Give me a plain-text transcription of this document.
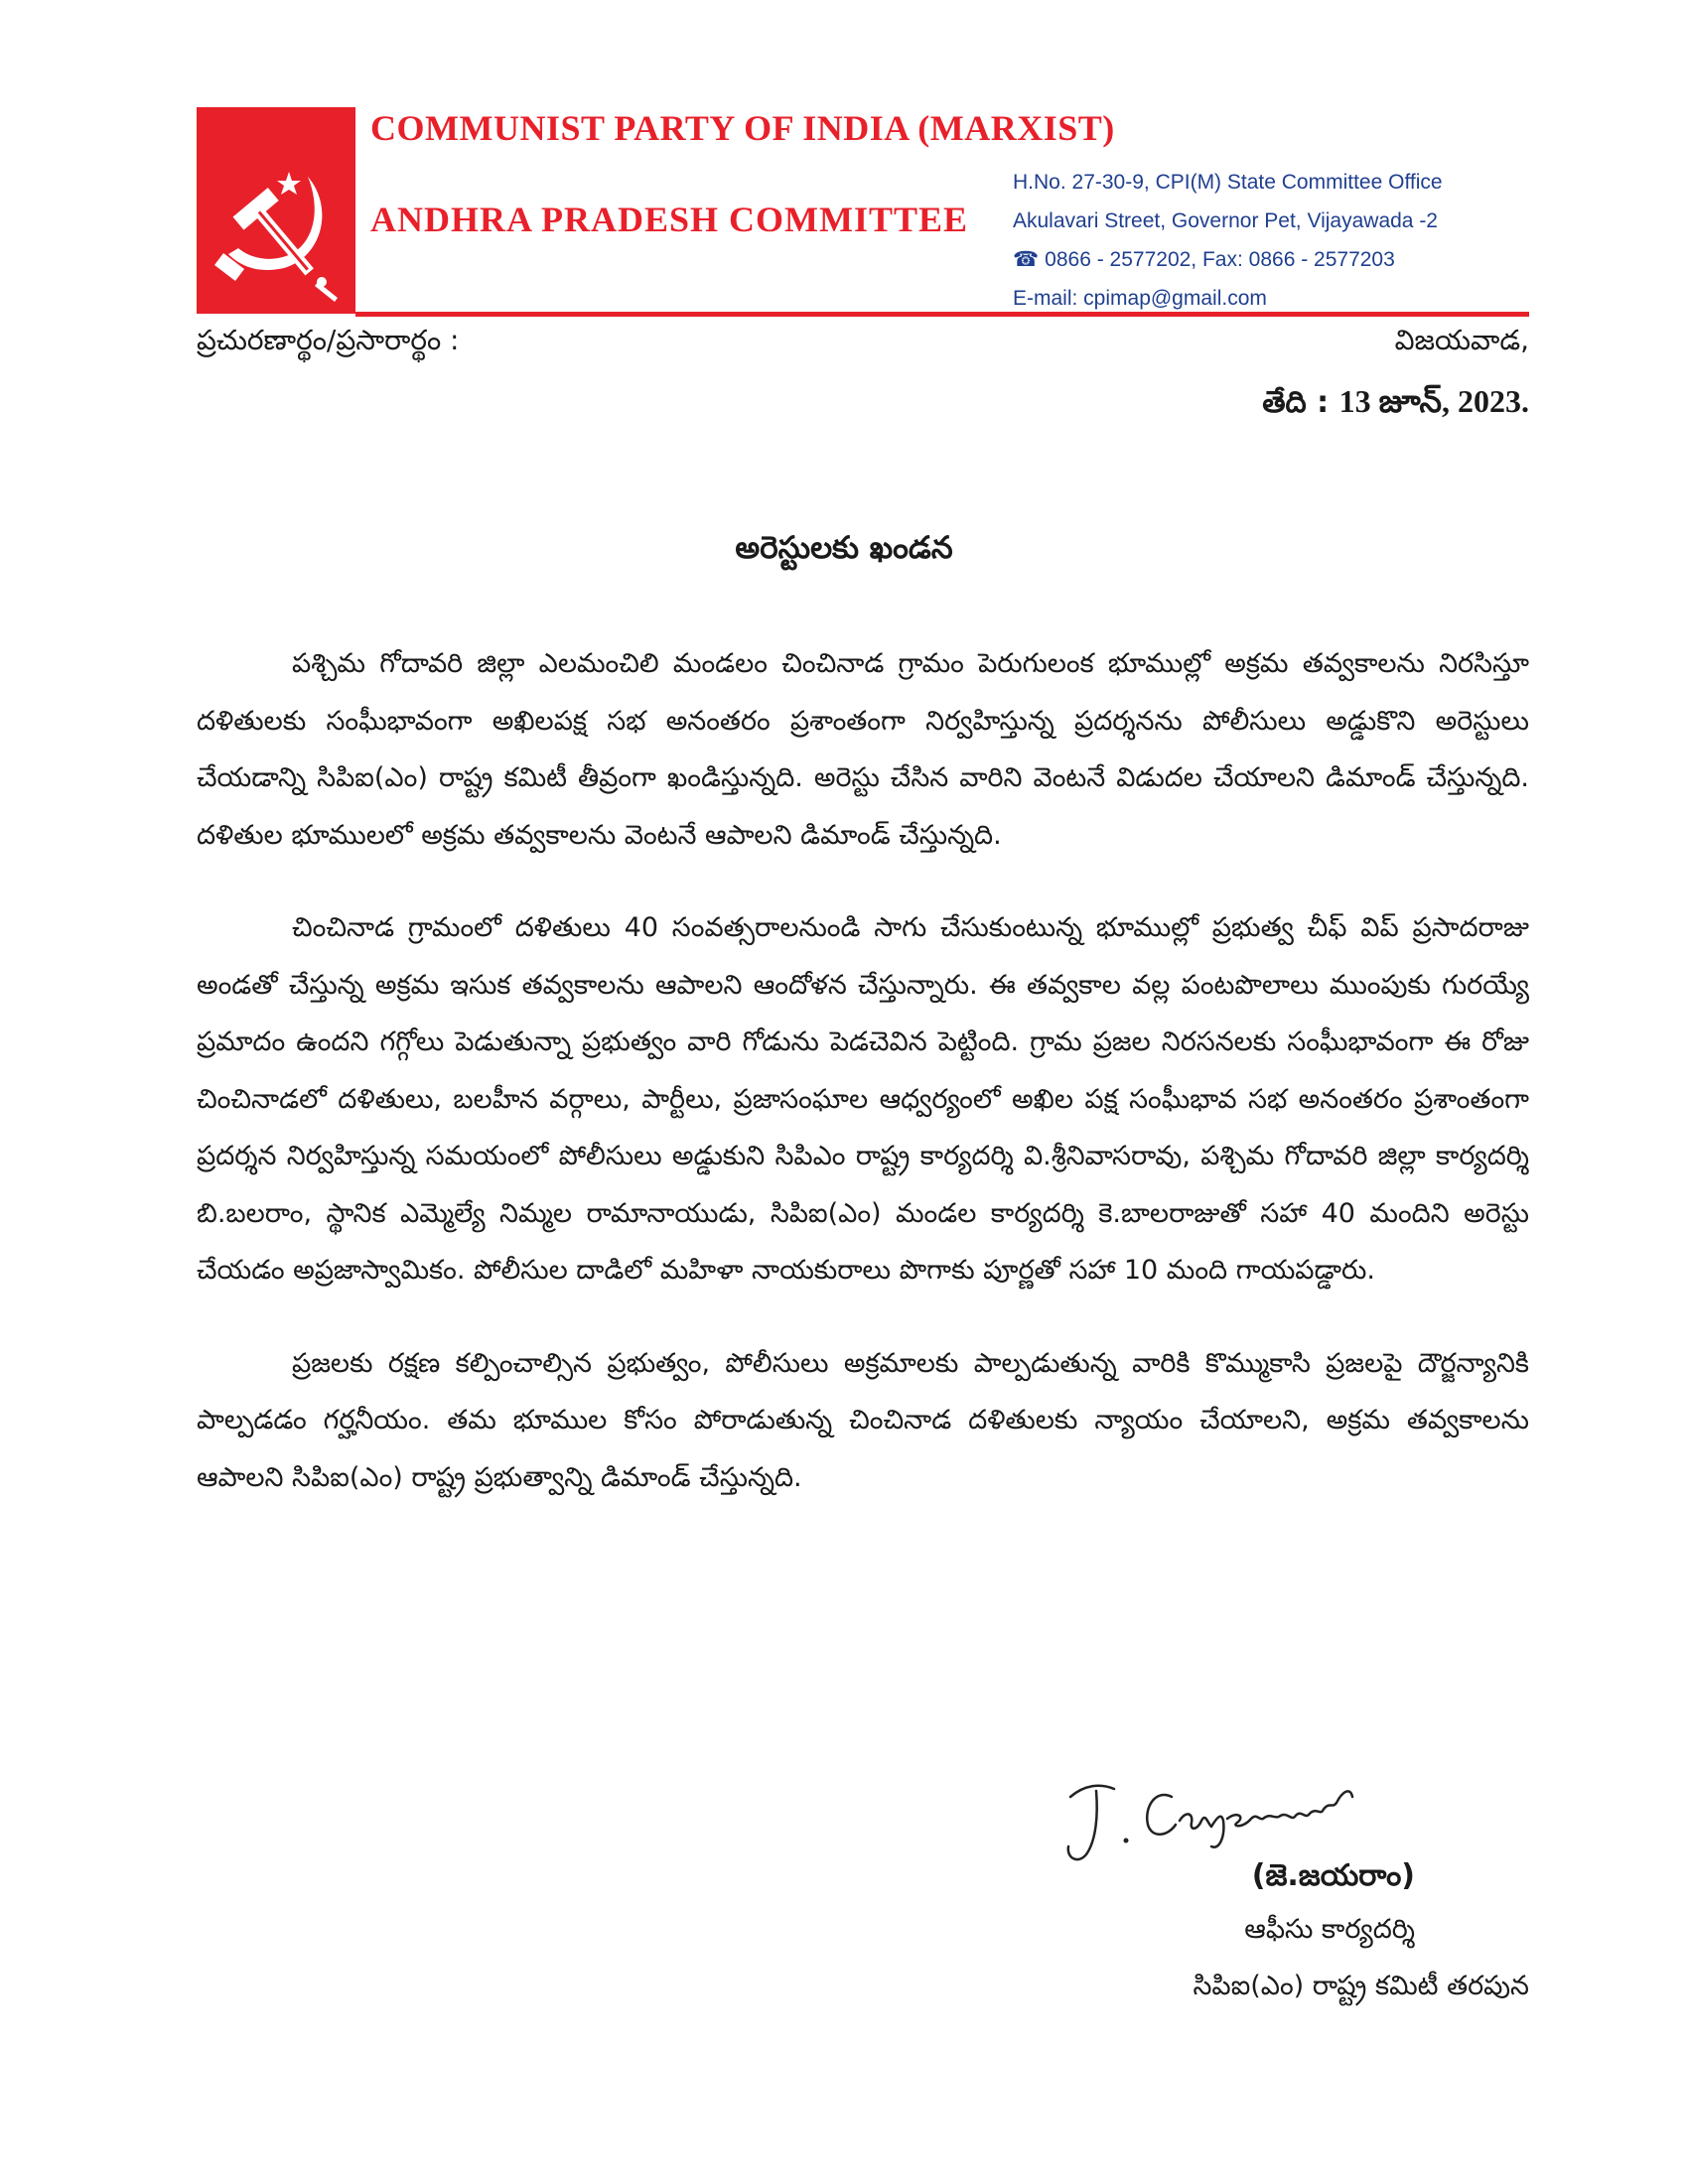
COMMUNIST PARTY OF INDIA (MARXIST)
ANDHRA PRADESH COMMITTEE
H.No. 27-30-9, CPI(M) State Committee Office
Akulavari Street, Governor Pet, Vijayawada -2
☎ 0866 - 2577202, Fax: 0866 - 2577203
E-mail: cpimap@gmail.com
ప్రచురణార్థం/ప్రసారార్థం :	విజయవాడ,
తేది : 13 జూన్, 2023.
అరెస్టులకు ఖండన

పశ్చిమ గోదావరి జిల్లా ఎలమంచిలి మండలం చించినాడ గ్రామం పెరుగులంక భూముల్లో అక్రమ తవ్వకాలను నిరసిస్తూ దళితులకు సంఘీభావంగా అఖిలపక్ష సభ అనంతరం ప్రశాంతంగా నిర్వహిస్తున్న ప్రదర్శనను పోలీసులు అడ్డుకొని అరెస్టులు చేయడాన్ని సిపిఐ(ఎం) రాష్ట్ర కమిటీ తీవ్రంగా ఖండిస్తున్నది. అరెస్టు చేసిన వారిని వెంటనే విడుదల చేయాలని డిమాండ్ చేస్తున్నది. దళితుల భూములలో అక్రమ తవ్వకాలను వెంటనే ఆపాలని డిమాండ్ చేస్తున్నది.

చించినాడ గ్రామంలో దళితులు 40 సంవత్సరాలనుండి సాగు చేసుకుంటున్న భూముల్లో ప్రభుత్వ చీఫ్ విప్ ప్రసాదరాజు అండతో చేస్తున్న అక్రమ ఇసుక తవ్వకాలను ఆపాలని ఆందోళన చేస్తున్నారు. ఈ తవ్వకాల వల్ల పంటపొలాలు ముంపుకు గురయ్యే ప్రమాదం ఉందని గగ్గోలు పెడుతున్నా ప్రభుత్వం వారి గోడును పెడచెవిన పెట్టింది. గ్రామ ప్రజల నిరసనలకు సంఘీభావంగా ఈ రోజు చించినాడలో దళితులు, బలహీన వర్గాలు, పార్టీలు, ప్రజాసంఘాల ఆధ్వర్యంలో అఖిల పక్ష సంఘీభావ సభ అనంతరం ప్రశాంతంగా ప్రదర్శన నిర్వహిస్తున్న సమయంలో పోలీసులు అడ్డుకుని సిపిఎం రాష్ట్ర కార్యదర్శి వి.శ్రీనివాసరావు, పశ్చిమ గోదావరి జిల్లా కార్యదర్శి బి.బలరాం, స్థానిక ఎమ్మెల్యే నిమ్మల రామానాయుడు, సిపిఐ(ఎం) మండల కార్యదర్శి కె.బాలరాజుతో సహా 40 మందిని అరెస్టు చేయడం అప్రజాస్వామికం. పోలీసుల దాడిలో మహిళా నాయకురాలు పొగాకు పూర్ణతో సహా 10 మంది గాయపడ్డారు.

ప్రజలకు రక్షణ కల్పించాల్సిన ప్రభుత్వం, పోలీసులు అక్రమాలకు పాల్పడుతున్న వారికి కొమ్ముకాసి ప్రజలపై దౌర్జన్యానికి పాల్పడడం గర్హనీయం. తమ భూముల కోసం పోరాడుతున్న చించినాడ దళితులకు న్యాయం చేయాలని, అక్రమ తవ్వకాలను ఆపాలని సిపిఐ(ఎం) రాష్ట్ర ప్రభుత్వాన్ని డిమాండ్ చేస్తున్నది.

(జె.జయరాం)
ఆఫీసు కార్యదర్శి
సిపిఐ(ఎం) రాష్ట్ర కమిటీ తరపున
